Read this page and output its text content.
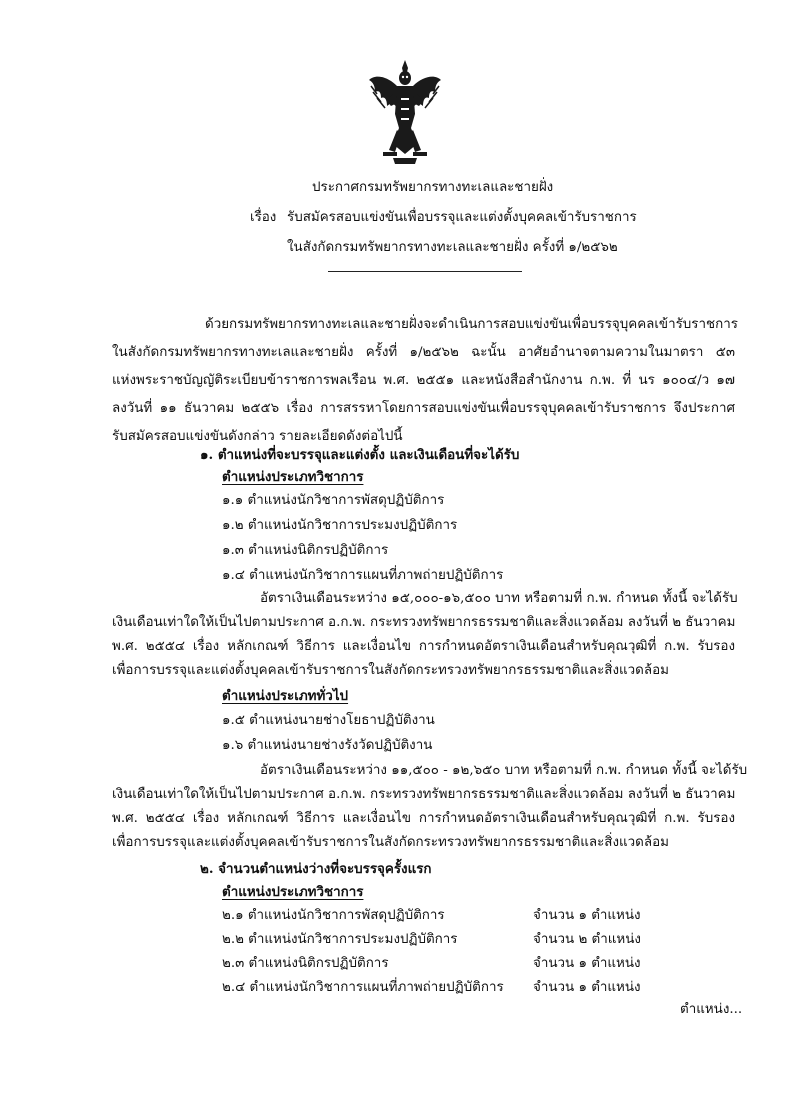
ประกาศกรมทรัพยากรทางทะเลและชายฝั่ง
เรื่อง รับสมัครสอบแข่งขันเพื่อบรรจุและแต่งตั้งบุคคลเข้ารับราชการ
ในสังกัดกรมทรัพยากรทางทะเลและชายฝั่ง ครั้งที่ ๑/๒๕๖๒
ด้วยกรมทรัพยากรทางทะเลและชายฝั่งจะดำเนินการสอบแข่งขันเพื่อบรรจุบุคคลเข้ารับราชการ
ในสังกัดกรมทรัพยากรทางทะเลและชายฝั่ง ครั้งที่ ๑/๒๕๖๒ ฉะนั้น อาศัยอำนาจตามความในมาตรา ๕๓
แห่งพระราชบัญญัติระเบียบข้าราชการพลเรือน พ.ศ. ๒๕๕๑ และหนังสือสำนักงาน ก.พ. ที่ นร ๑๐๐๔/ว ๑๗
ลงวันที่ ๑๑ ธันวาคม ๒๕๕๖ เรื่อง การสรรหาโดยการสอบแข่งขันเพื่อบรรจุบุคคลเข้ารับราชการ จึงประกาศ
รับสมัครสอบแข่งขันดังกล่าว รายละเอียดดังต่อไปนี้
๑. ตำแหน่งที่จะบรรจุและแต่งตั้ง และเงินเดือนที่จะได้รับ
ตำแหน่งประเภทวิชาการ
๑.๑ ตำแหน่งนักวิชาการพัสดุปฏิบัติการ
๑.๒ ตำแหน่งนักวิชาการประมงปฏิบัติการ
๑.๓ ตำแหน่งนิติกรปฏิบัติการ
๑.๔ ตำแหน่งนักวิชาการแผนที่ภาพถ่ายปฏิบัติการ
อัตราเงินเดือนระหว่าง ๑๕,๐๐๐-๑๖,๕๐๐ บาท หรือตามที่ ก.พ. กำหนด ทั้งนี้ จะได้รับ
เงินเดือนเท่าใดให้เป็นไปตามประกาศ อ.ก.พ. กระทรวงทรัพยากรธรรมชาติและสิ่งแวดล้อม ลงวันที่ ๒ ธันวาคม
พ.ศ. ๒๕๕๔ เรื่อง หลักเกณฑ์ วิธีการ และเงื่อนไข การกำหนดอัตราเงินเดือนสำหรับคุณวุฒิที่ ก.พ. รับรอง
เพื่อการบรรจุและแต่งตั้งบุคคลเข้ารับราชการในสังกัดกระทรวงทรัพยากรธรรมชาติและสิ่งแวดล้อม
ตำแหน่งประเภททั่วไป
๑.๕ ตำแหน่งนายช่างโยธาปฏิบัติงาน
๑.๖ ตำแหน่งนายช่างรังวัดปฏิบัติงาน
อัตราเงินเดือนระหว่าง ๑๑,๕๐๐ - ๑๒,๖๕๐ บาท หรือตามที่ ก.พ. กำหนด ทั้งนี้ จะได้รับ
เงินเดือนเท่าใดให้เป็นไปตามประกาศ อ.ก.พ. กระทรวงทรัพยากรธรรมชาติและสิ่งแวดล้อม ลงวันที่ ๒ ธันวาคม
พ.ศ. ๒๕๕๔ เรื่อง หลักเกณฑ์ วิธีการ และเงื่อนไข การกำหนดอัตราเงินเดือนสำหรับคุณวุฒิที่ ก.พ. รับรอง
เพื่อการบรรจุและแต่งตั้งบุคคลเข้ารับราชการในสังกัดกระทรวงทรัพยากรธรรมชาติและสิ่งแวดล้อม
๒. จำนวนตำแหน่งว่างที่จะบรรจุครั้งแรก
ตำแหน่งประเภทวิชาการ
๒.๑ ตำแหน่งนักวิชาการพัสดุปฏิบัติการ	จำนวน ๑ ตำแหน่ง
๒.๒ ตำแหน่งนักวิชาการประมงปฏิบัติการ	จำนวน ๒ ตำแหน่ง
๒.๓ ตำแหน่งนิติกรปฏิบัติการ	จำนวน ๑ ตำแหน่ง
๒.๔ ตำแหน่งนักวิชาการแผนที่ภาพถ่ายปฏิบัติการ จำนวน ๑ ตำแหน่ง
ตำแหน่ง...
